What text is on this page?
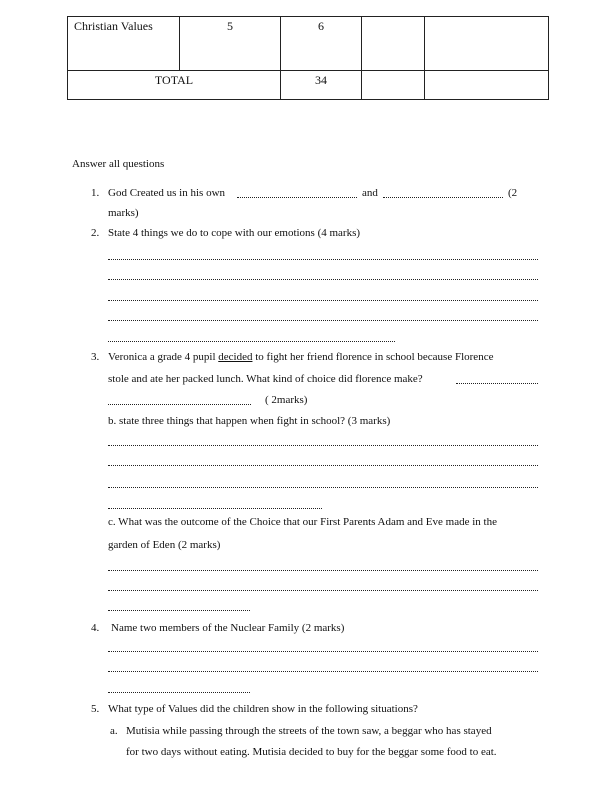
Christian Values	5	6		
TOTAL		34		
Answer all questions
1. God Created us in his own	and	(2
marks)
2. State 4 things we do to cope with our emotions (4 marks)
3. Veronica a grade 4 pupil decided to fight her friend florence in school because Florence
stole and ate her packed lunch. What kind of choice did florence make?
( 2marks)
b. state three things that happen when fight in school? (3 marks)
c. What was the outcome of the Choice that our First Parents Adam and Eve made in the
garden of Eden (2 marks)
4. Name two members of the Nuclear Family (2 marks)
5. What type of Values did the children show in the following situations?
a. Mutisia while passing through the streets of the town saw, a beggar who has stayed
for two days without eating. Mutisia decided to buy for the beggar some food to eat.
